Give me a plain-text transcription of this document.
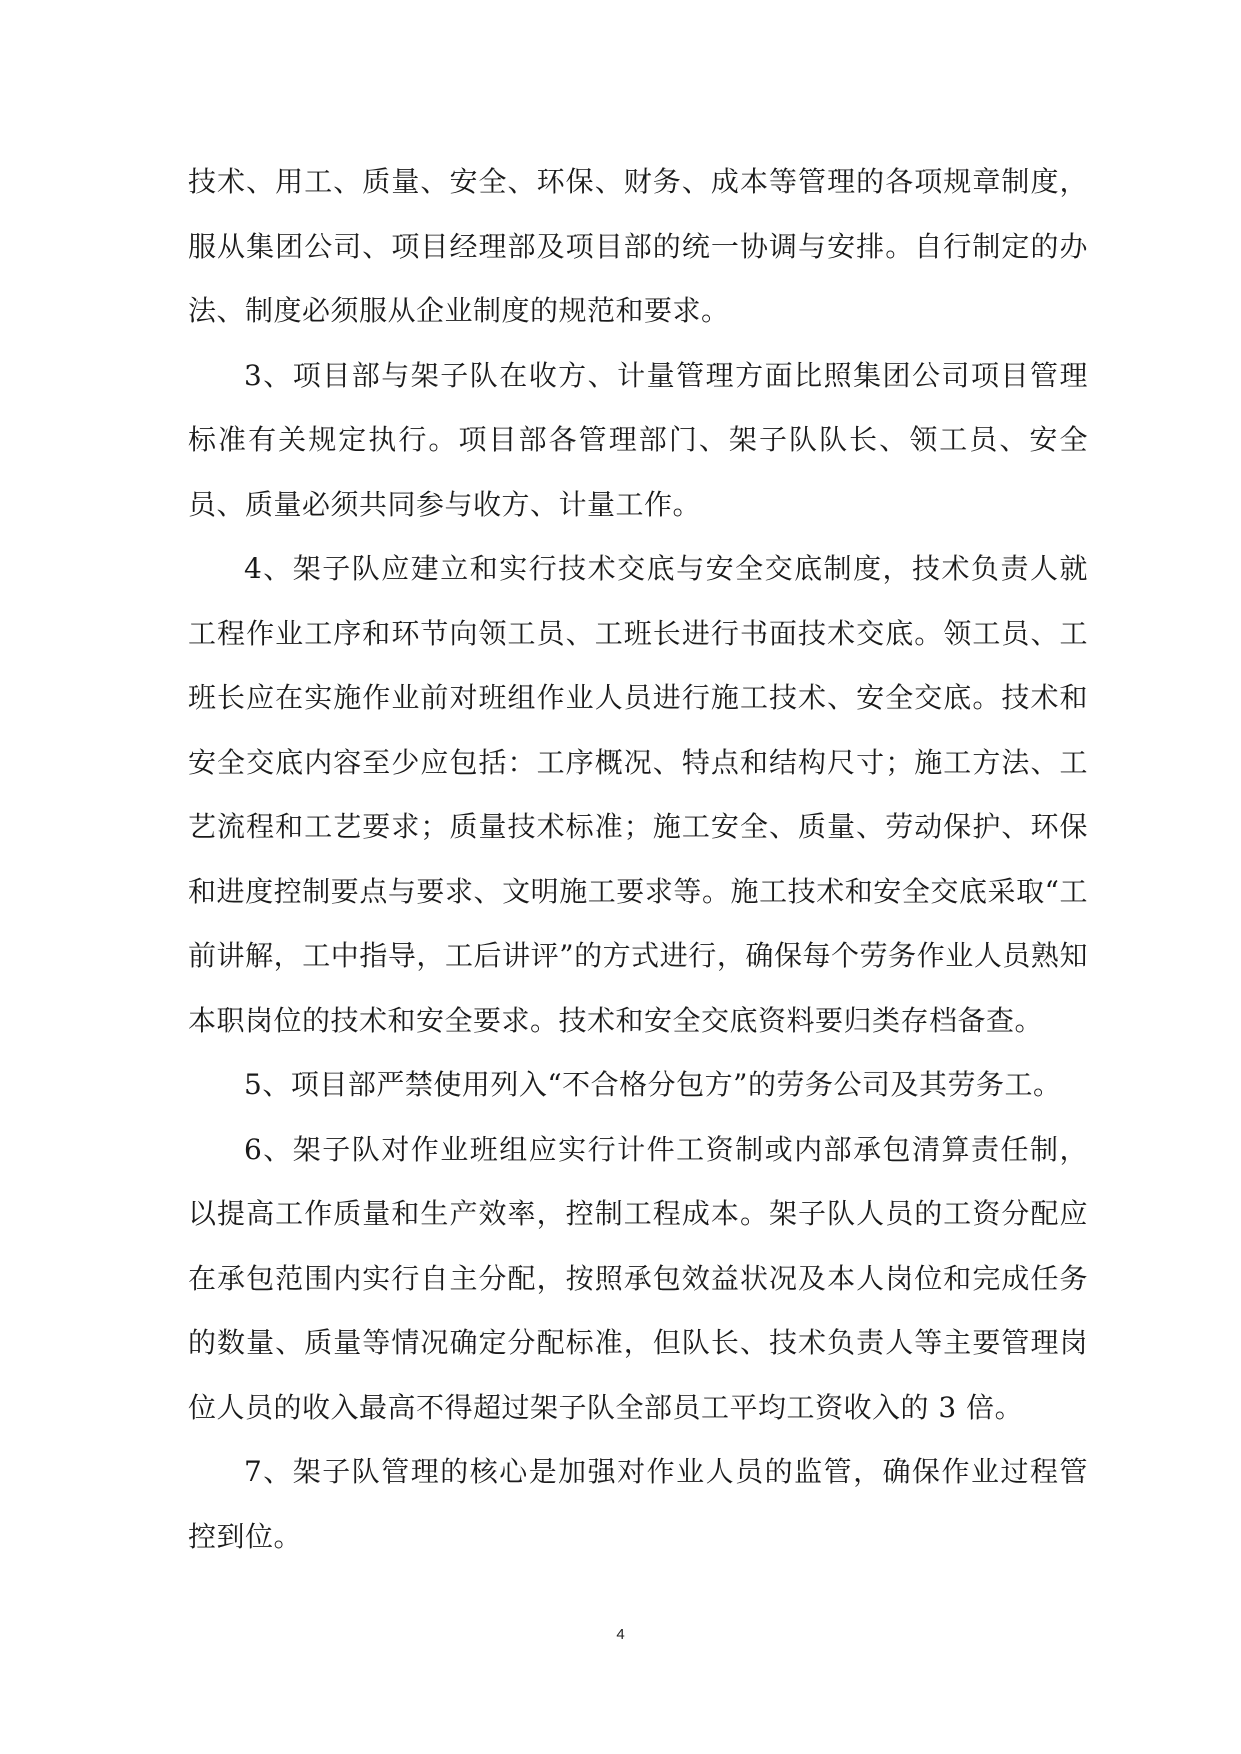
技术、用工、质量、安全、环保、财务、成本等管理的各项规章制度，服从集团公司、项目经理部及项目部的统一协调与安排。自行制定的办法、制度必须服从企业制度的规范和要求。

3、项目部与架子队在收方、计量管理方面比照集团公司项目管理标准有关规定执行。项目部各管理部门、架子队队长、领工员、安全员、质量必须共同参与收方、计量工作。

4、架子队应建立和实行技术交底与安全交底制度，技术负责人就工程作业工序和环节向领工员、工班长进行书面技术交底。领工员、工班长应在实施作业前对班组作业人员进行施工技术、安全交底。技术和安全交底内容至少应包括：工序概况、特点和结构尺寸；施工方法、工艺流程和工艺要求；质量技术标准；施工安全、质量、劳动保护、环保和进度控制要点与要求、文明施工要求等。施工技术和安全交底采取“工前讲解，工中指导，工后讲评”的方式进行，确保每个劳务作业人员熟知本职岗位的技术和安全要求。技术和安全交底资料要归类存档备查。

5、项目部严禁使用列入“不合格分包方”的劳务公司及其劳务工。

6、架子队对作业班组应实行计件工资制或内部承包清算责任制，以提高工作质量和生产效率，控制工程成本。架子队人员的工资分配应在承包范围内实行自主分配，按照承包效益状况及本人岗位和完成任务的数量、质量等情况确定分配标准，但队长、技术负责人等主要管理岗位人员的收入最高不得超过架子队全部员工平均工资收入的 3 倍。

7、架子队管理的核心是加强对作业人员的监管，确保作业过程管控到位。

4
